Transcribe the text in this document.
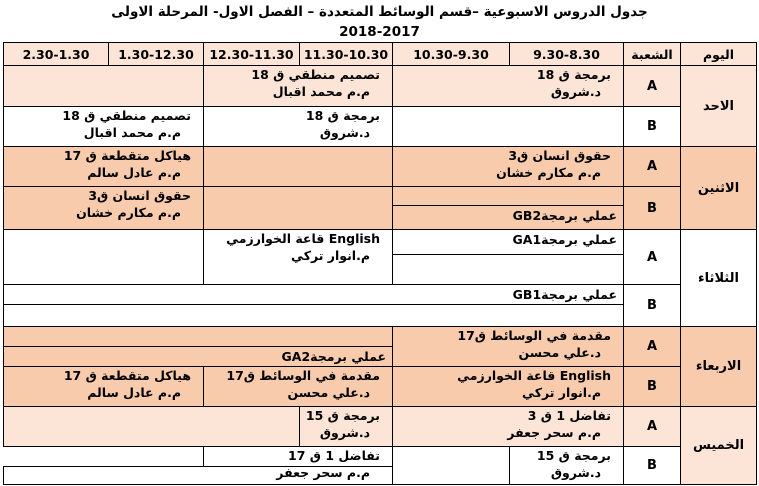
جدول الدروس الاسبوعية –قسم الوسائط المتعددة – الفصل الاول- المرحلة الاولى
2018-2017
اليوم
الشعبة
9.30-8.30
10.30-9.30
11.30-10.30
12.30-11.30
1.30-12.30
2.30-1.30
الاحد
الاثنين
الثلاثاء
الاربعاء
الخميس
A
B
A
B
A
B
A
B
A
B
برمجة ق 18
د.شروق
تصميم منطقي ق 18
م.م محمد اقبال
برمجة ق 18
د.شروق
تصميم منطقي ق 18
م.م محمد اقبال
حقوق انسان ق3
م.م مكارم خشان
هياكل متقطعة ق 17
م.م عادل سالم
عملي برمجةGB2
حقوق انسان ق3
م.م مكارم خشان
عملي برمجةGA1
English قاعة الخوارزمي
م.انوار تركي
عملي برمجةGB1
مقدمة في الوسائط ق17
د.علي محسن
عملي برمجةGA2
English قاعة الخوارزمي
م.انوار تركي
مقدمة في الوسائط ق17
د.علي محسن
هياكل متقطعة ق 17
م.م عادل سالم
تفاضل 1 ق 3
م.م سحر جعفر
برمجة ق 15
د.شروق
برمجة ق 15
د.شروق
تفاضل 1 ق 17
م.م سحر جعفر
